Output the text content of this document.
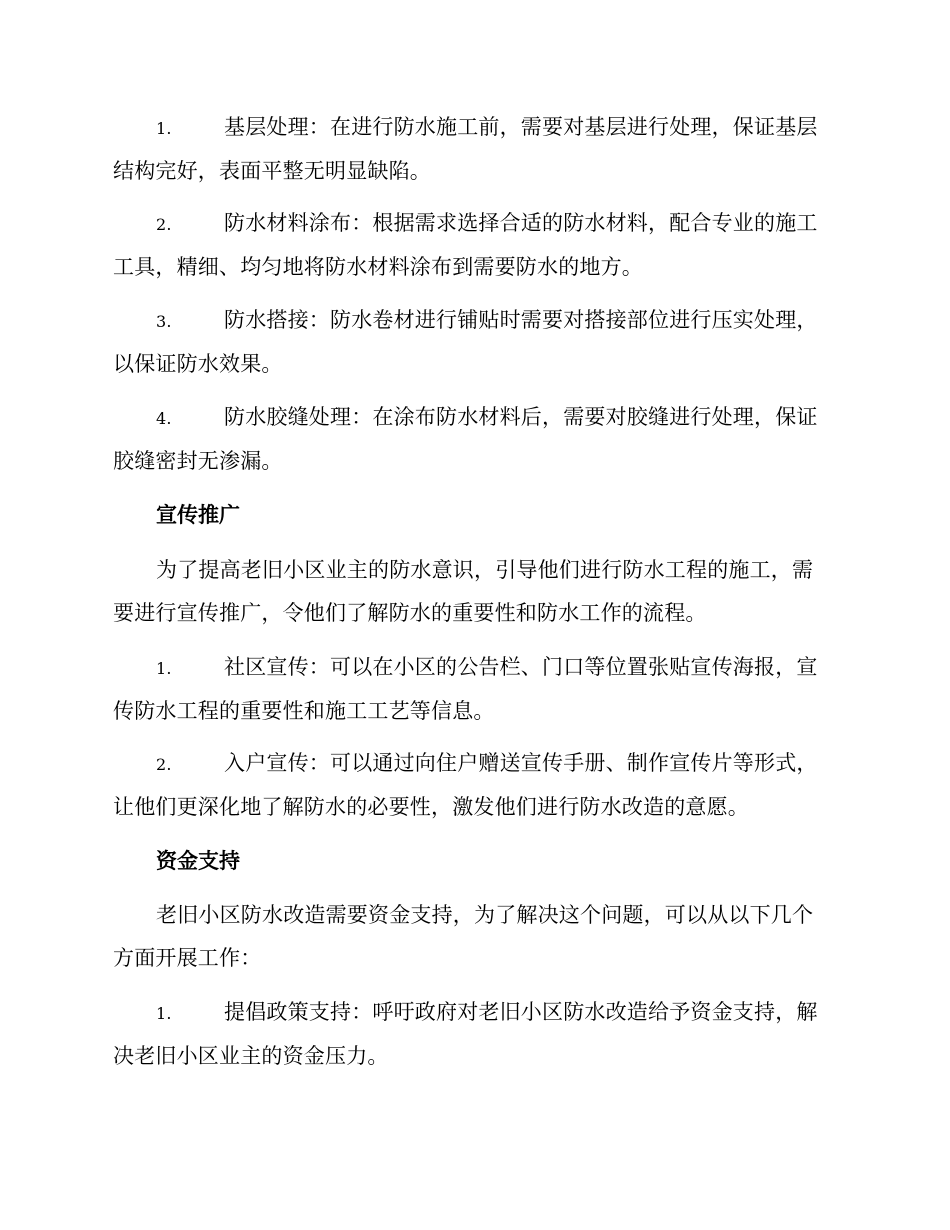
1. 基层处理：在进行防水施工前，需要对基层进行处理，保证基层结构完好，表面平整无明显缺陷。
2. 防水材料涂布：根据需求选择合适的防水材料，配合专业的施工工具，精细、均匀地将防水材料涂布到需要防水的地方。
3. 防水搭接：防水卷材进行铺贴时需要对搭接部位进行压实处理，以保证防水效果。
4. 防水胶缝处理：在涂布防水材料后，需要对胶缝进行处理，保证胶缝密封无渗漏。
宣传推广
为了提高老旧小区业主的防水意识，引导他们进行防水工程的施工，需要进行宣传推广，令他们了解防水的重要性和防水工作的流程。
1. 社区宣传：可以在小区的公告栏、门口等位置张贴宣传海报，宣传防水工程的重要性和施工工艺等信息。
2. 入户宣传：可以通过向住户赠送宣传手册、制作宣传片等形式，让他们更深化地了解防水的必要性，激发他们进行防水改造的意愿。
资金支持
老旧小区防水改造需要资金支持，为了解决这个问题，可以从以下几个方面开展工作：
1. 提倡政策支持：呼吁政府对老旧小区防水改造给予资金支持，解决老旧小区业主的资金压力。
